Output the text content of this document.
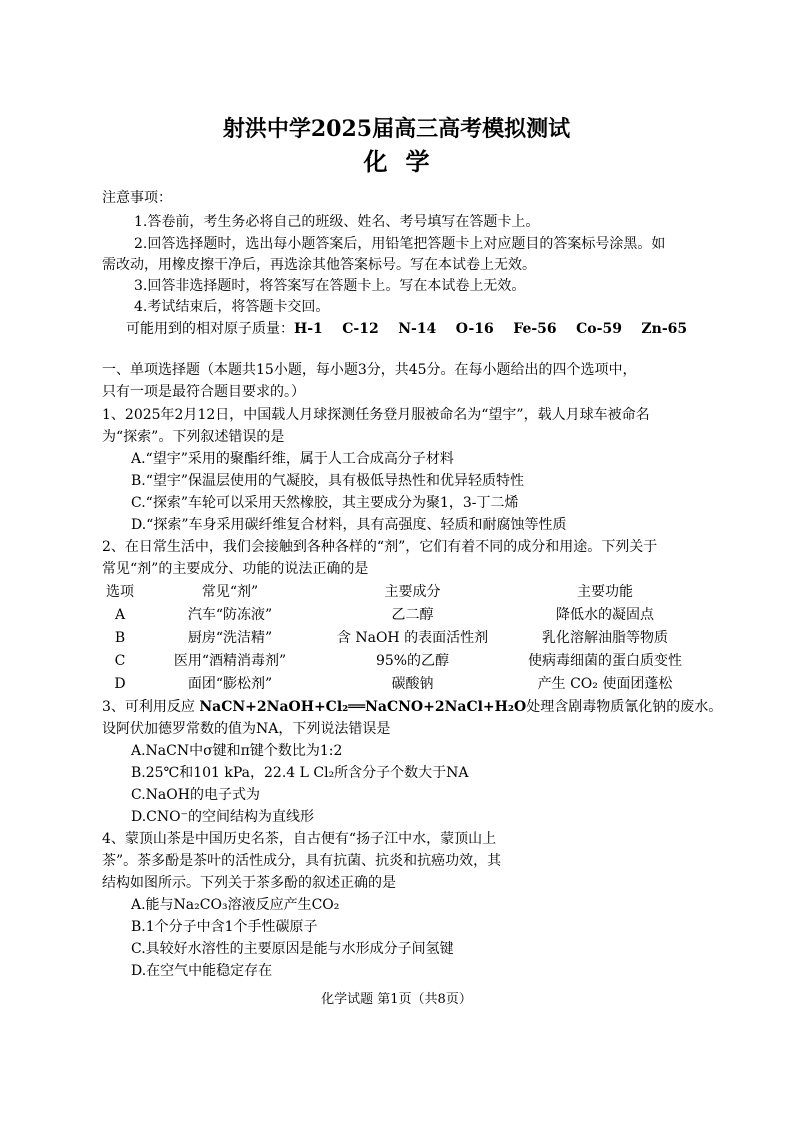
射洪中学2025届高三高考模拟测试
化学
注意事项：
1.答卷前，考生务必将自己的班级、姓名、考号填写在答题卡上。
2.回答选择题时，选出每小题答案后，用铅笔把答题卡上对应题目的答案标号涂黑。如
需改动，用橡皮擦干净后，再选涂其他答案标号。写在本试卷上无效。
3.回答非选择题时，将答案写在答题卡上。写在本试卷上无效。
4.考试结束后，将答题卡交回。
可能用到的相对原子质量：H-1    C-12    N-14    O-16    Fe-56    Co-59    Zn-65
一、单项选择题（本题共15小题，每小题3分，共45分。在每小题给出的四个选项中，
只有一项是最符合题目要求的。）
1、2025年2月12日，中国载人月球探测任务登月服被命名为“望宇”，载人月球车被命名
为“探索”。下列叙述错误的是
A.“望宇”采用的聚酯纤维，属于人工合成高分子材料
B.“望宇”保温层使用的气凝胶，具有极低导热性和优异轻质特性
C.“探索”车轮可以采用天然橡胶，其主要成分为聚1，3-丁二烯
D.“探索”车身采用碳纤维复合材料，具有高强度、轻质和耐腐蚀等性质
2、在日常生活中，我们会接触到各种各样的“剂”，它们有着不同的成分和用途。下列关于
常见“剂”的主要成分、功能的说法正确的是
选项	常见“剂”	主要成分	主要功能
A	汽车“防冻液”	乙二醇	降低水的凝固点
B	厨房“洗洁精”	含 NaOH 的表面活性剂	乳化溶解油脂等物质
C	医用“酒精消毒剂”	95%的乙醇	使病毒细菌的蛋白质变性
D	面团“膨松剂”	碳酸钠	产生 CO₂ 使面团蓬松
3、可利用反应 NaCN+2NaOH+Cl₂══NaCNO+2NaCl+H₂O处理含剧毒物质氰化钠的废水。
设阿伏加德罗常数的值为NA，下列说法错误是
A.NaCN中σ键和π键个数比为1:2
B.25℃和101 kPa，22.4 L Cl₂所含分子个数大于NA
C.NaOH的电子式为
D.CNO⁻的空间结构为直线形
4、蒙顶山茶是中国历史名茶，自古便有“扬子江中水，蒙顶山上
茶”。茶多酚是茶叶的活性成分，具有抗菌、抗炎和抗癌功效，其
结构如图所示。下列关于茶多酚的叙述正确的是
A.能与Na₂CO₃溶液反应产生CO₂
B.1个分子中含1个手性碳原子
C.具较好水溶性的主要原因是能与水形成分子间氢键
D.在空气中能稳定存在
化学试题 第1页（共8页）
